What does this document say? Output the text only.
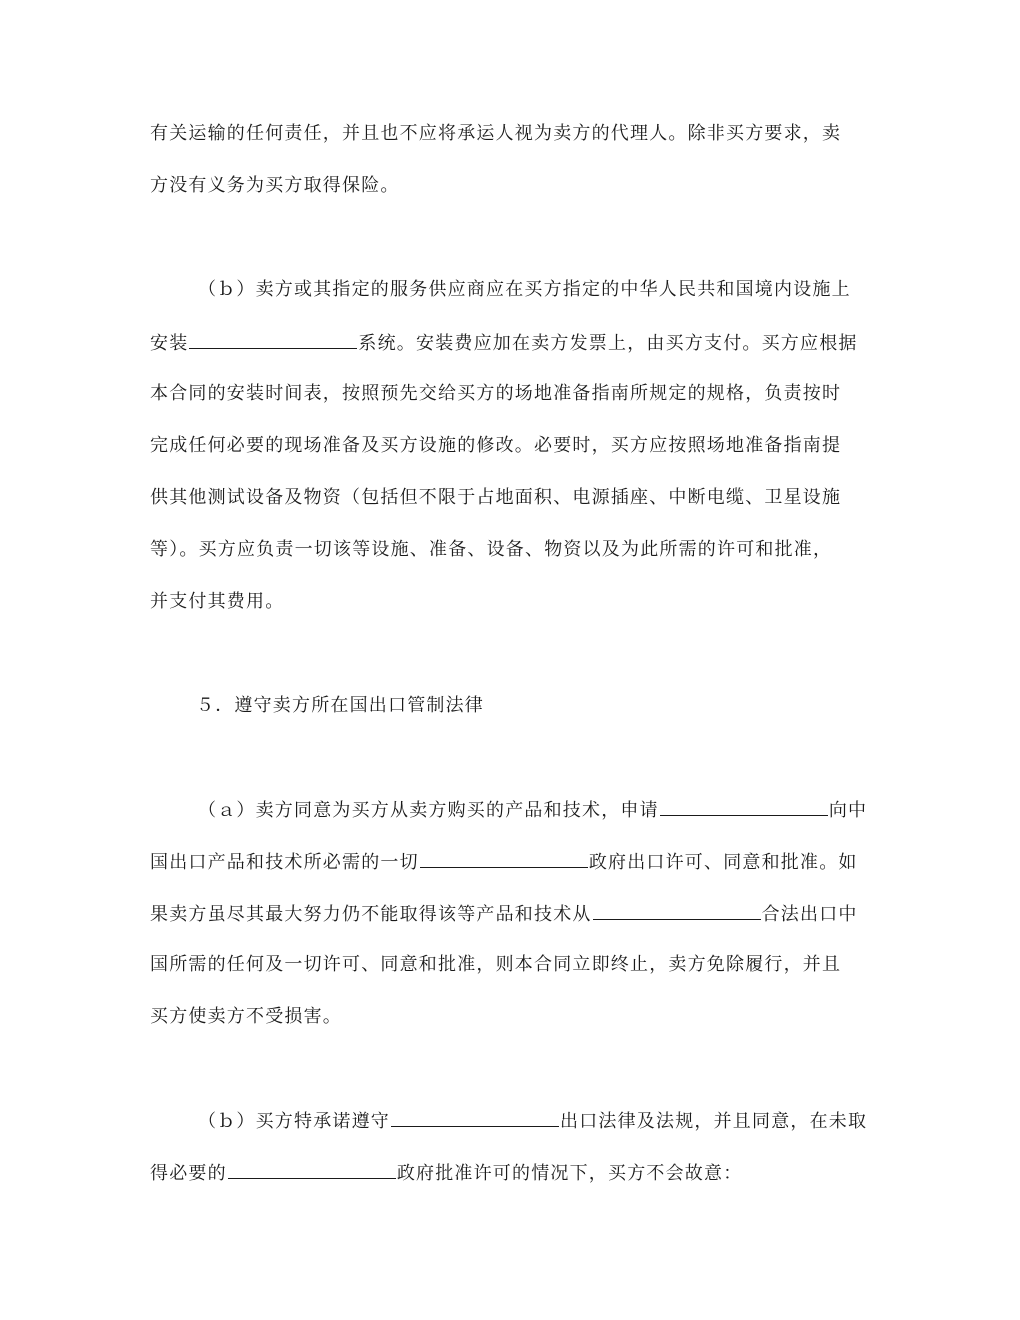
有关运输的任何责任，并且也不应将承运人视为卖方的代理人。除非买方要求，卖
方没有义务为买方取得保险。
（ｂ）卖方或其指定的服务供应商应在买方指定的中华人民共和国境内设施上
安装	系统。安装费应加在卖方发票上，由买方支付。买方应根据
本合同的安装时间表，按照预先交给买方的场地准备指南所规定的规格，负责按时
完成任何必要的现场准备及买方设施的修改。必要时，买方应按照场地准备指南提
供其他测试设备及物资（包括但不限于占地面积、电源插座、中断电缆、卫星设施
等）。买方应负责一切该等设施、准备、设备、物资以及为此所需的许可和批准，
并支付其费用。
５．遵守卖方所在国出口管制法律
（ａ）卖方同意为买方从卖方购买的产品和技术，申请	向中
国出口产品和技术所必需的一切	政府出口许可、同意和批准。如
果卖方虽尽其最大努力仍不能取得该等产品和技术从	合法出口中
国所需的任何及一切许可、同意和批准，则本合同立即终止，卖方免除履行，并且
买方使卖方不受损害。
（ｂ）买方特承诺遵守	出口法律及法规，并且同意，在未取
得必要的	政府批准许可的情况下，买方不会故意：
